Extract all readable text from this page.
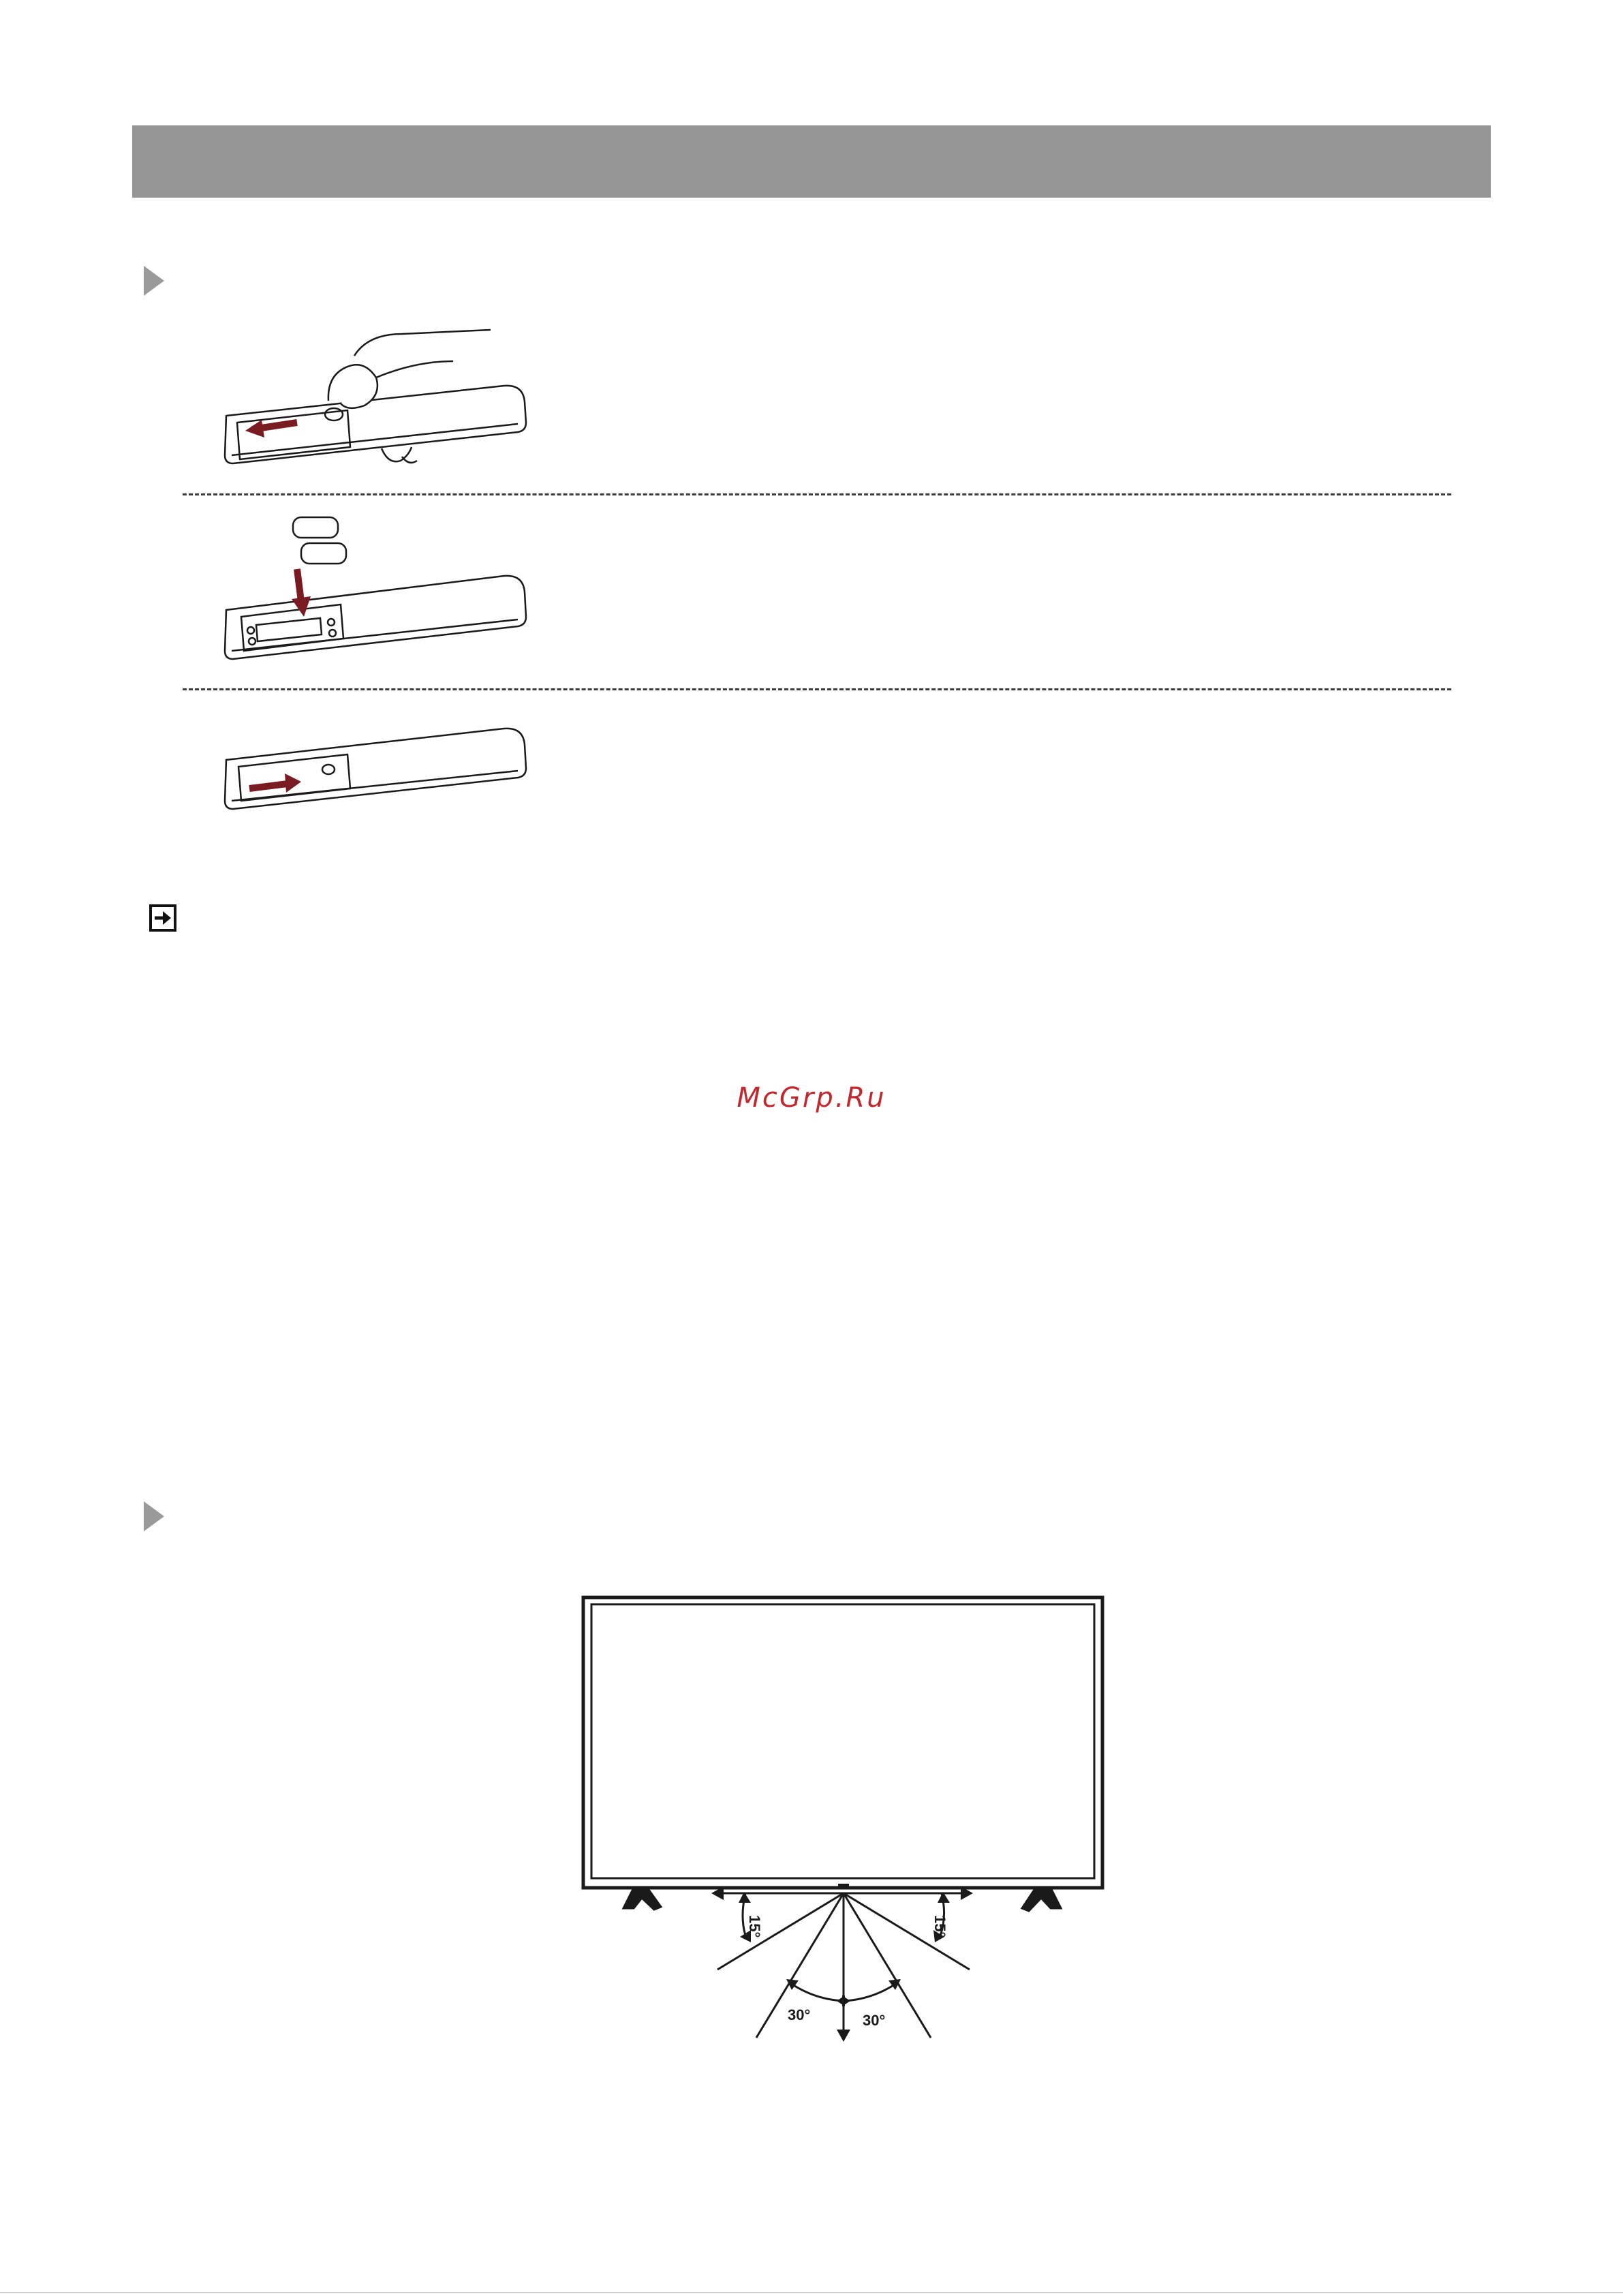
McGrp.Ru
15°	15°
30°	30°
